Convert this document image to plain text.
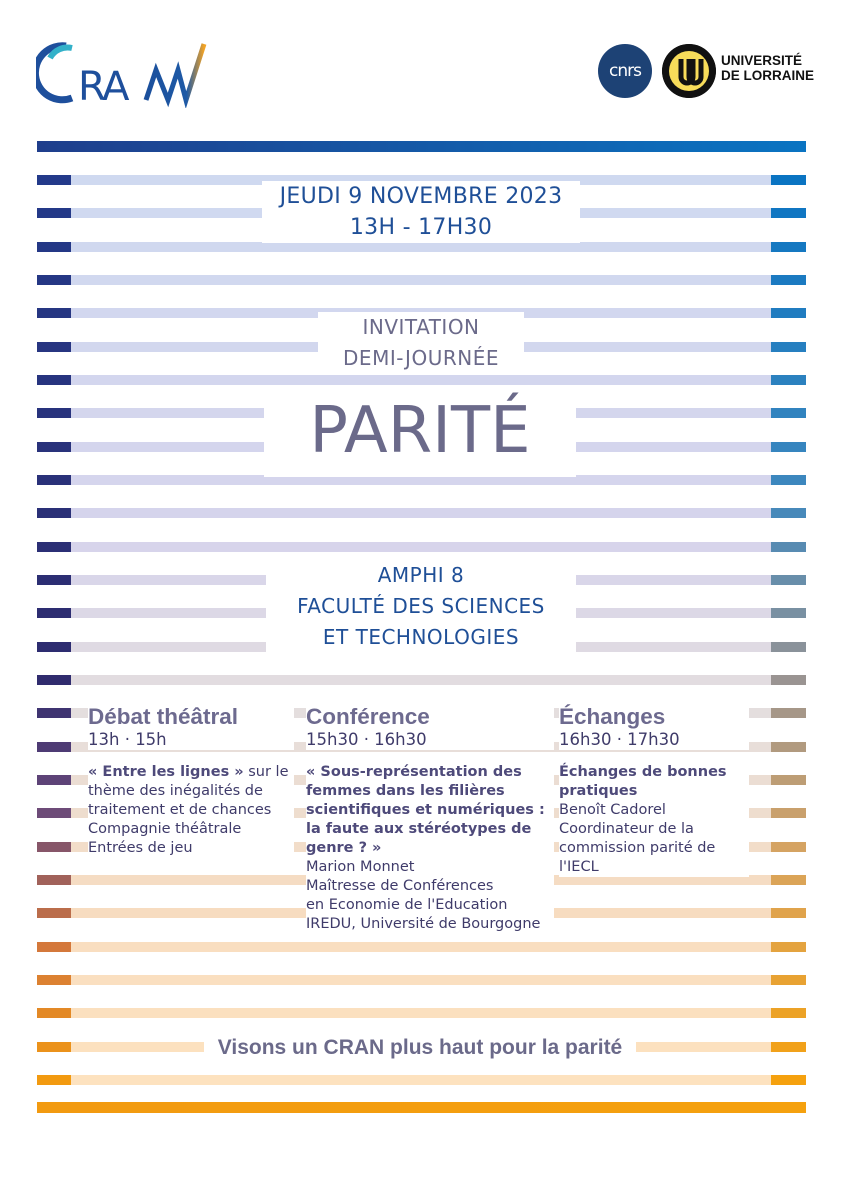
RA	cnrs
UNIVERSITÉ
DE LORRAINE
JEUDI 9 NOVEMBRE 2023
13H - 17H30
INVITATION
DEMI-JOURNÉE
PARITÉ
AMPHI 8
FACULTÉ DES SCIENCES
ET TECHNOLOGIES
Débat théâtral
13h · 15h
« Entre les lignes » sur le
thème des inégalités de
traitement et de chances
Compagnie théâtrale
Entrées de jeu
Conférence
15h30 · 16h30
« Sous-représentation des
femmes dans les filières
scientifiques et numériques :
la faute aux stéréotypes de
genre ? »
Marion Monnet
Maîtresse de Conférences
en Economie de l'Education
IREDU, Université de Bourgogne
Échanges
16h30 · 17h30
Échanges de bonnes
pratiques
Benoît Cadorel
Coordinateur de la
commission parité de
l'IECL
Visons un CRAN plus haut pour la parité
